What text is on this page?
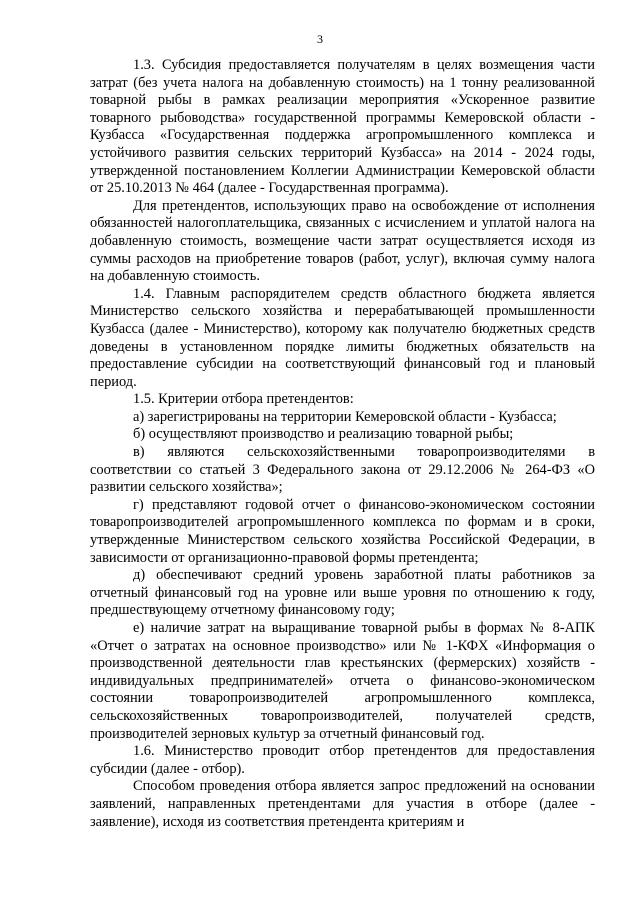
3

1.3. Субсидия предоставляется получателям в целях возмещения части затрат (без учета налога на добавленную стоимость) на 1 тонну реализованной товарной рыбы в рамках реализации мероприятия «Ускоренное развитие товарного рыбоводства» государственной программы Кемеровской области - Кузбасса «Государственная поддержка агропромышленного комплекса и устойчивого развития сельских территорий Кузбасса» на 2014 - 2024 годы, утвержденной постановлением Коллегии Администрации Кемеровской области от 25.10.2013 № 464 (далее - Государственная программа).

Для претендентов, использующих право на освобождение от исполнения обязанностей налогоплательщика, связанных с исчислением и уплатой налога на добавленную стоимость, возмещение части затрат осуществляется исходя из суммы расходов на приобретение товаров (работ, услуг), включая сумму налога на добавленную стоимость.

1.4. Главным распорядителем средств областного бюджета является Министерство сельского хозяйства и перерабатывающей промышленности Кузбасса (далее - Министерство), которому как получателю бюджетных средств доведены в установленном порядке лимиты бюджетных обязательств на предоставление субсидии на соответствующий финансовый год и плановый период.

1.5. Критерии отбора претендентов:

а) зарегистрированы на территории Кемеровской области - Кузбасса;

б) осуществляют производство и реализацию товарной рыбы;

в) являются сельскохозяйственными товаропроизводителями в соответствии со статьей 3 Федерального закона от 29.12.2006 № 264-ФЗ «О развитии сельского хозяйства»;

г) представляют годовой отчет о финансово-экономическом состоянии товаропроизводителей агропромышленного комплекса по формам и в сроки, утвержденные Министерством сельского хозяйства Российской Федерации, в зависимости от организационно-правовой формы претендента;

д) обеспечивают средний уровень заработной платы работников за отчетный финансовый год на уровне или выше уровня по отношению к году, предшествующему отчетному финансовому году;

е) наличие затрат на выращивание товарной рыбы в формах № 8-АПК «Отчет о затратах на основное производство» или № 1-КФХ «Информация о производственной деятельности глав крестьянских (фермерских) хозяйств - индивидуальных предпринимателей» отчета о финансово-экономическом состоянии товаропроизводителей агропромышленного комплекса, сельскохозяйственных товаропроизводителей, получателей средств, производителей зерновых культур за отчетный финансовый год.

1.6. Министерство проводит отбор претендентов для предоставления субсидии (далее - отбор).

Способом проведения отбора является запрос предложений на основании заявлений, направленных претендентами для участия в отборе (далее - заявление), исходя из соответствия претендента критериям и
